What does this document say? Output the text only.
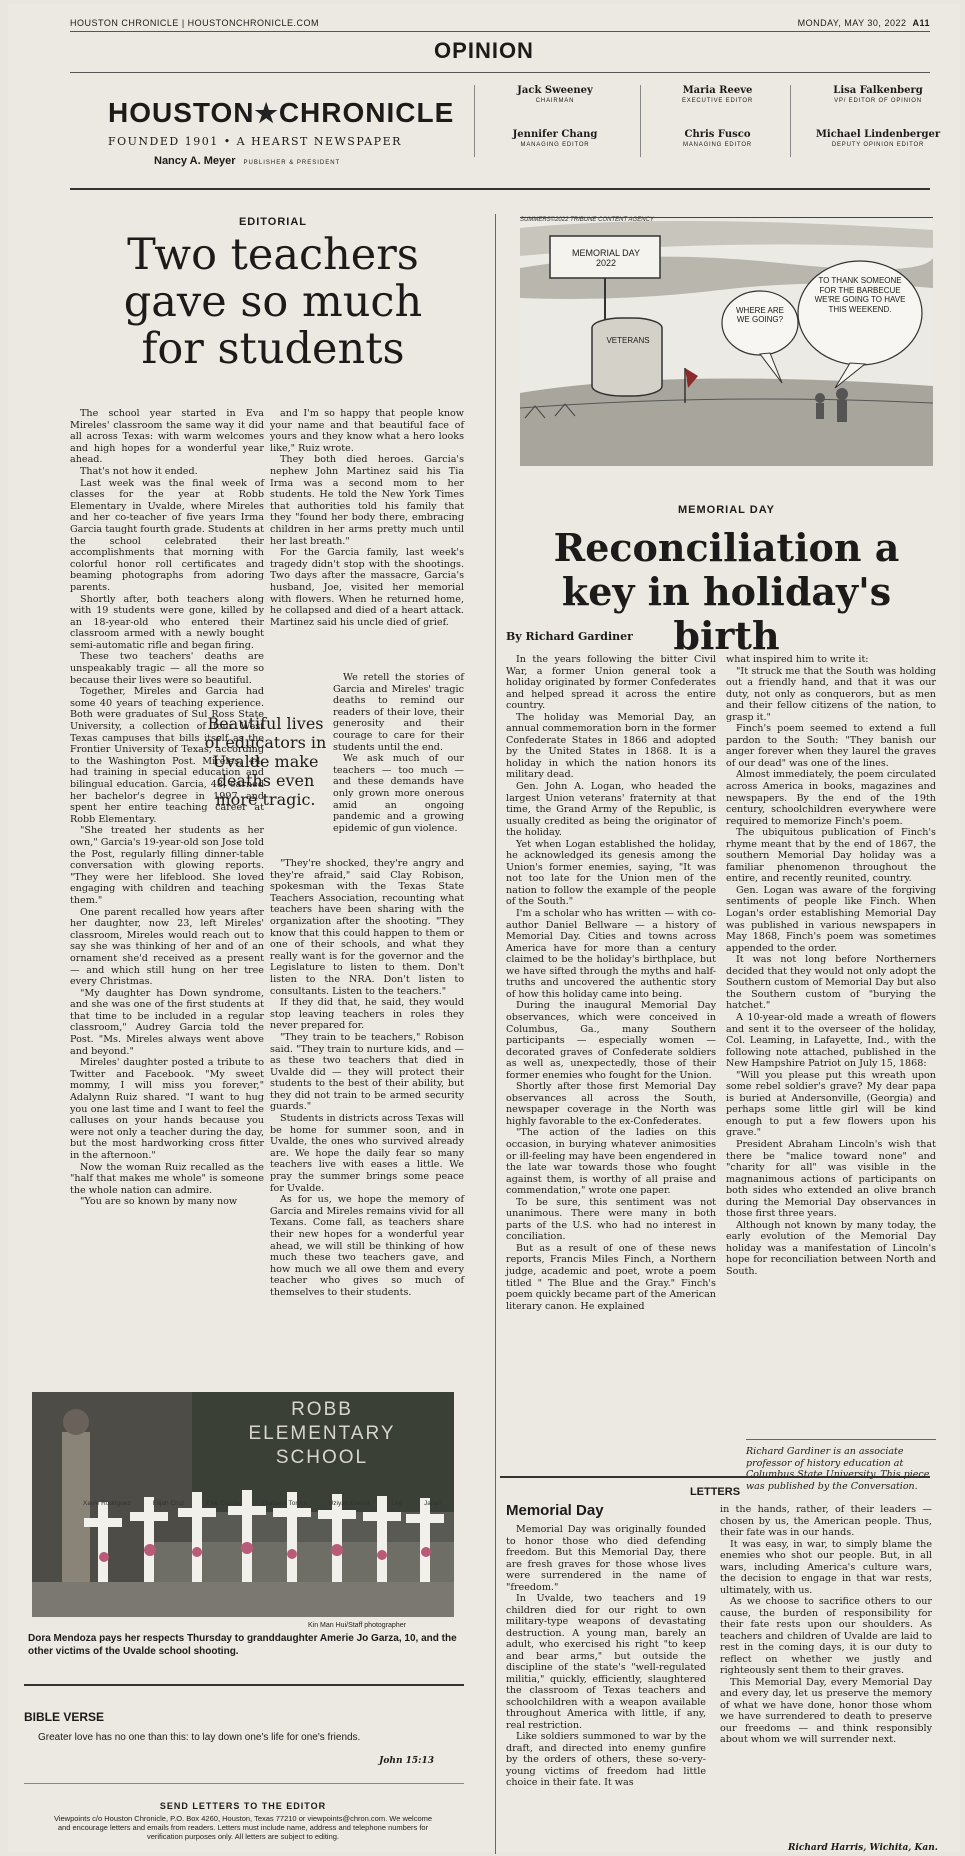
HOUSTON CHRONICLE | HOUSTONCHRONICLE.COM	MONDAY, MAY 30, 2022 A11
OPINION
HOUSTON★CHRONICLE
FOUNDED 1901 • A HEARST NEWSPAPER
Nancy A. Meyer PUBLISHER & PRESIDENT
Jack Sweeney
CHAIRMAN
Maria Reeve
EXECUTIVE EDITOR
Lisa Falkenberg
VP/ EDITOR OF OPINION
Jennifer Chang
MANAGING EDITOR
Chris Fusco
MANAGING EDITOR
Michael Lindenberger
DEPUTY OPINION EDITOR
EDITORIAL
Two teachers gave so much for students

The school year started in Eva Mireles' classroom the same way it did all across Texas: with warm welcomes and high hopes for a wonderful year ahead.

That's not how it ended.

Last week was the final week of classes for the year at Robb Elementary in Uvalde, where Mireles and her co-teacher of five years Irma Garcia taught fourth grade. Students at the school celebrated their accomplishments that morning with colorful honor roll certificates and beaming photographs from adoring parents.

Shortly after, both teachers along with 19 students were gone, killed by an 18-year-old who entered their classroom armed with a newly bought semi-automatic rifle and began firing.

These two teachers' deaths are unspeakably tragic — all the more so because their lives were so beautiful.

Together, Mireles and Garcia had some 40 years of teaching experience. Both were graduates of Sul Ross State University, a collection of four West Texas campuses that bills itself as the Frontier University of Texas, according to the Washington Post. Mireles, 44, had training in special education and bilingual education. Garcia, 48, earned her bachelor's degree in 1997 and spent her entire teaching career at Robb Elementary.

"She treated her students as her own," Garcia's 19-year-old son Jose told the Post, regularly filling dinner-table conversation with glowing reports. "They were her lifeblood. She loved engaging with children and teaching them."

One parent recalled how years after her daughter, now 23, left Mireles' classroom, Mireles would reach out to say she was thinking of her and of an ornament she'd received as a present — and which still hung on her tree every Christmas.

"My daughter has Down syndrome, and she was one of the first students at that time to be included in a regular classroom," Audrey Garcia told the Post. "Ms. Mireles always went above and beyond."

Mireles' daughter posted a tribute to Twitter and Facebook. "My sweet mommy, I will miss you forever," Adalynn Ruiz shared. "I want to hug you one last time and I want to feel the calluses on your hands because you were not only a teacher during the day, but the most hardworking cross fitter in the afternoon."

Now the woman Ruiz recalled as the "half that makes me whole" is someone the whole nation can admire.

"You are so known by many now

and I'm so happy that people know your name and that beautiful face of yours and they know what a hero looks like," Ruiz wrote.

They both died heroes. Garcia's nephew John Martinez said his Tia Irma was a second mom to her students. He told the New York Times that authorities told his family that they "found her body there, embracing children in her arms pretty much until her last breath."

For the Garcia family, last week's tragedy didn't stop with the shootings. Two days after the massacre, Garcia's husband, Joe, visited her memorial with flowers. When he returned home, he collapsed and died of a heart attack. Martinez said his uncle died of grief.

We retell the stories of Garcia and Mireles' tragic deaths to remind our readers of their love, their generosity and their courage to care for their students until the end.

We ask much of our teachers — too much — and these demands have only grown more onerous amid an ongoing pandemic and a growing epidemic of gun violence.

Beautiful lives of educators in Uvalde make deaths even more tragic.

"They're shocked, they're angry and they're afraid," said Clay Robison, spokesman with the Texas State Teachers Association, recounting what teachers have been sharing with the organization after the shooting. "They know that this could happen to them or one of their schools, and what they really want is for the governor and the Legislature to listen to them. Don't listen to the NRA. Don't listen to consultants. Listen to the teachers."

If they did that, he said, they would stop leaving teachers in roles they never prepared for.

"They train to be teachers," Robison said. "They train to nurture kids, and — as these two teachers that died in Uvalde did — they will protect their students to the best of their ability, but they did not train to be armed security guards."

Students in districts across Texas will be home for summer soon, and in Uvalde, the ones who survived already are. We hope the daily fear so many teachers live with eases a little. We pray the summer brings some peace for Uvalde.

As for us, we hope the memory of Garcia and Mireles remains vivid for all Texans. Come fall, as teachers share their new hopes for a wonderful year ahead, we will still be thinking of how much these two teachers gave, and how much we all owe them and every teacher who gives so much of themselves to their students.

MEMORIAL DAY 2022
VETERANS
WHERE ARE WE GOING?
TO THANK SOMEONE FOR THE BARBECUE WE'RE GOING TO HAVE THIS WEEKEND.
SUMMERS©2022 TRIBUNE CONTENT AGENCY
MEMORIAL DAY
Reconciliation a key in holiday's birth
By Richard Gardiner

In the years following the bitter Civil War, a former Union general took a holiday originated by former Confederates and helped spread it across the entire country.

The holiday was Memorial Day, an annual commemoration born in the former Confederate States in 1866 and adopted by the United States in 1868. It is a holiday in which the nation honors its military dead.

Gen. John A. Logan, who headed the largest Union veterans' fraternity at that time, the Grand Army of the Republic, is usually credited as being the originator of the holiday.

Yet when Logan established the holiday, he acknowledged its genesis among the Union's former enemies, saying, "It was not too late for the Union men of the nation to follow the example of the people of the South."

I'm a scholar who has written — with co-author Daniel Bellware — a history of Memorial Day. Cities and towns across America have for more than a century claimed to be the holiday's birthplace, but we have sifted through the myths and half-truths and uncovered the authentic story of how this holiday came into being.

During the inaugural Memorial Day observances, which were conceived in Columbus, Ga., many Southern participants — especially women — decorated graves of Confederate soldiers as well as, unexpectedly, those of their former enemies who fought for the Union.

Shortly after those first Memorial Day observances all across the South, newspaper coverage in the North was highly favorable to the ex-Confederates.

"The action of the ladies on this occasion, in burying whatever animosities or ill-feeling may have been engendered in the late war towards those who fought against them, is worthy of all praise and commendation," wrote one paper.

To be sure, this sentiment was not unanimous. There were many in both parts of the U.S. who had no interest in conciliation.

But as a result of one of these news reports, Francis Miles Finch, a Northern judge, academic and poet, wrote a poem titled " The Blue and the Gray." Finch's poem quickly became part of the American literary canon. He explained

what inspired him to write it:

"It struck me that the South was holding out a friendly hand, and that it was our duty, not only as conquerors, but as men and their fellow citizens of the nation, to grasp it."

Finch's poem seemed to extend a full pardon to the South: "They banish our anger forever when they laurel the graves of our dead" was one of the lines.

Almost immediately, the poem circulated across America in books, magazines and newspapers. By the end of the 19th century, schoolchildren everywhere were required to memorize Finch's poem.

The ubiquitous publication of Finch's rhyme meant that by the end of 1867, the southern Memorial Day holiday was a familiar phenomenon throughout the entire, and recently reunited, country.

Gen. Logan was aware of the forgiving sentiments of people like Finch. When Logan's order establishing Memorial Day was published in various newspapers in May 1868, Finch's poem was sometimes appended to the order.

It was not long before Northerners decided that they would not only adopt the Southern custom of Memorial Day but also the Southern custom of "burying the hatchet."

A 10-year-old made a wreath of flowers and sent it to the overseer of the holiday, Col. Leaming, in Lafayette, Ind., with the following note attached, published in the New Hampshire Patriot on July 15, 1868:

"Will you please put this wreath upon some rebel soldier's grave? My dear papa is buried at Andersonville, (Georgia) and perhaps some little girl will be kind enough to put a few flowers upon his grave."

President Abraham Lincoln's wish that there be "malice toward none" and "charity for all" was visible in the magnanimous actions of participants on both sides who extended an olive branch during the Memorial Day observances in those first three years.

Although not known by many today, the early evolution of the Memorial Day holiday was a manifestation of Lincoln's hope for reconciliation between North and South.

Richard Gardiner is an associate professor of history education at Columbus State University. This piece was published by the Conversation.
LETTERS
Memorial Day

Memorial Day was originally founded to honor those who died defending freedom. But this Memorial Day, there are fresh graves for those whose lives were surrendered in the name of "freedom."

In Uvalde, two teachers and 19 children died for our right to own military-type weapons of devastating destruction. A young man, barely an adult, who exercised his right "to keep and bear arms," but outside the discipline of the state's "well-regulated militia," quickly, efficiently, slaughtered the classroom of Texas teachers and schoolchildren with a weapon available throughout America with little, if any, real restriction.

Like soldiers summoned to war by the draft, and directed into enemy gunfire by the orders of others, these so-very-young victims of freedom had little choice in their fate. It was

in the hands, rather, of their leaders — chosen by us, the American people. Thus, their fate was in our hands.

It was easy, in war, to simply blame the enemies who shot our people. But, in all wars, including America's culture wars, the decision to engage in that war rests, ultimately, with us.

As we choose to sacrifice others to our cause, the burden of responsibility for their fate rests upon our shoulders. As teachers and children of Uvalde are laid to rest in the coming days, it is our duty to reflect on whether we justly and righteously sent them to their graves.

This Memorial Day, every Memorial Day and every day, let us preserve the memory of what we have done, honor those whom we have surrendered to death to preserve our freedoms — and think responsibly about whom we will surrender next.

Richard Harris, Wichita, Kan.
ROBB
ELEMENTARY
SCHOOL
Xavie Rodriguez	Elijah Cruz	Ellie Garcia	Eliahana Torres	Uziyah Garcia	Ley	Jailah
Kin Man Hui/Staff photographer
Dora Mendoza pays her respects Thursday to granddaughter Amerie Jo Garza, 10, and the other victims of the Uvalde school shooting.
BIBLE VERSE
Greater love has no one than this: to lay down one's life for one's friends.
John 15:13
SEND LETTERS TO THE EDITOR
Viewpoints c/o Houston Chronicle, P.O. Box 4260, Houston, Texas 77210 or viewpoints@chron.com. We welcome and encourage letters and emails from readers. Letters must include name, address and telephone numbers for verification purposes only. All letters are subject to editing.
